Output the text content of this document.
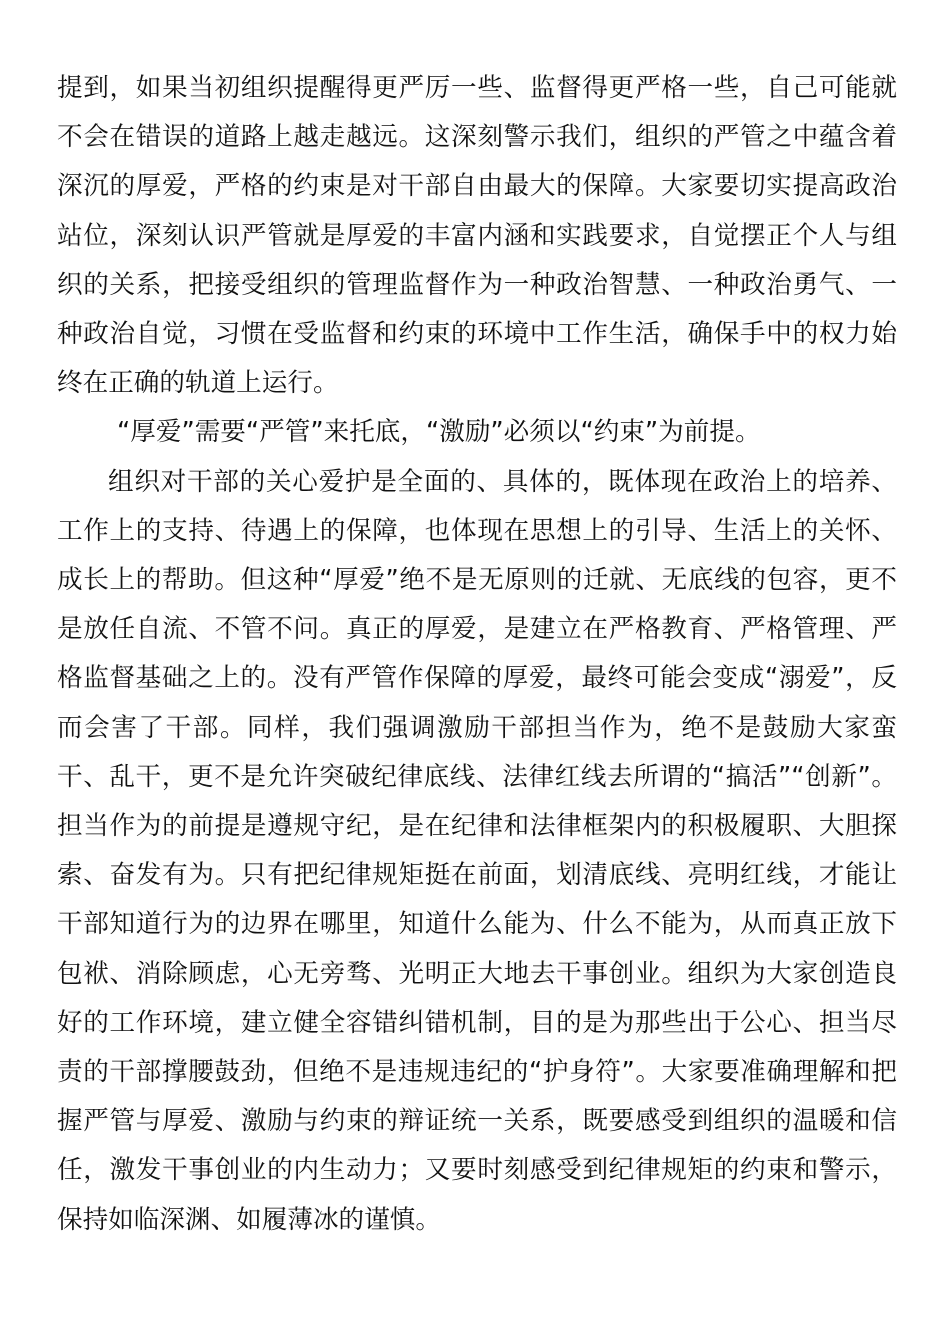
提到，如果当初组织提醒得更严厉一些、监督得更严格一些，自己可能就不会在错误的道路上越走越远。这深刻警示我们，组织的严管之中蕴含着深沉的厚爱，严格的约束是对干部自由最大的保障。大家要切实提高政治站位，深刻认识严管就是厚爱的丰富内涵和实践要求，自觉摆正个人与组织的关系，把接受组织的管理监督作为一种政治智慧、一种政治勇气、一种政治自觉，习惯在受监督和约束的环境中工作生活，确保手中的权力始终在正确的轨道上运行。

“厚爱”需要“严管”来托底，“激励”必须以“约束”为前提。

组织对干部的关心爱护是全面的、具体的，既体现在政治上的培养、工作上的支持、待遇上的保障，也体现在思想上的引导、生活上的关怀、成长上的帮助。但这种“厚爱”绝不是无原则的迁就、无底线的包容，更不是放任自流、不管不问。真正的厚爱，是建立在严格教育、严格管理、严格监督基础之上的。没有严管作保障的厚爱，最终可能会变成“溺爱”，反而会害了干部。同样，我们强调激励干部担当作为，绝不是鼓励大家蛮干、乱干，更不是允许突破纪律底线、法律红线去所谓的“搞活”“创新”。担当作为的前提是遵规守纪，是在纪律和法律框架内的积极履职、大胆探索、奋发有为。只有把纪律规矩挺在前面，划清底线、亮明红线，才能让干部知道行为的边界在哪里，知道什么能为、什么不能为，从而真正放下包袱、消除顾虑，心无旁骛、光明正大地去干事创业。组织为大家创造良好的工作环境，建立健全容错纠错机制，目的是为那些出于公心、担当尽责的干部撑腰鼓劲，但绝不是违规违纪的“护身符”。大家要准确理解和把握严管与厚爱、激励与约束的辩证统一关系，既要感受到组织的温暖和信任，激发干事创业的内生动力；又要时刻感受到纪律规矩的约束和警示，保持如临深渊、如履薄冰的谨慎。
